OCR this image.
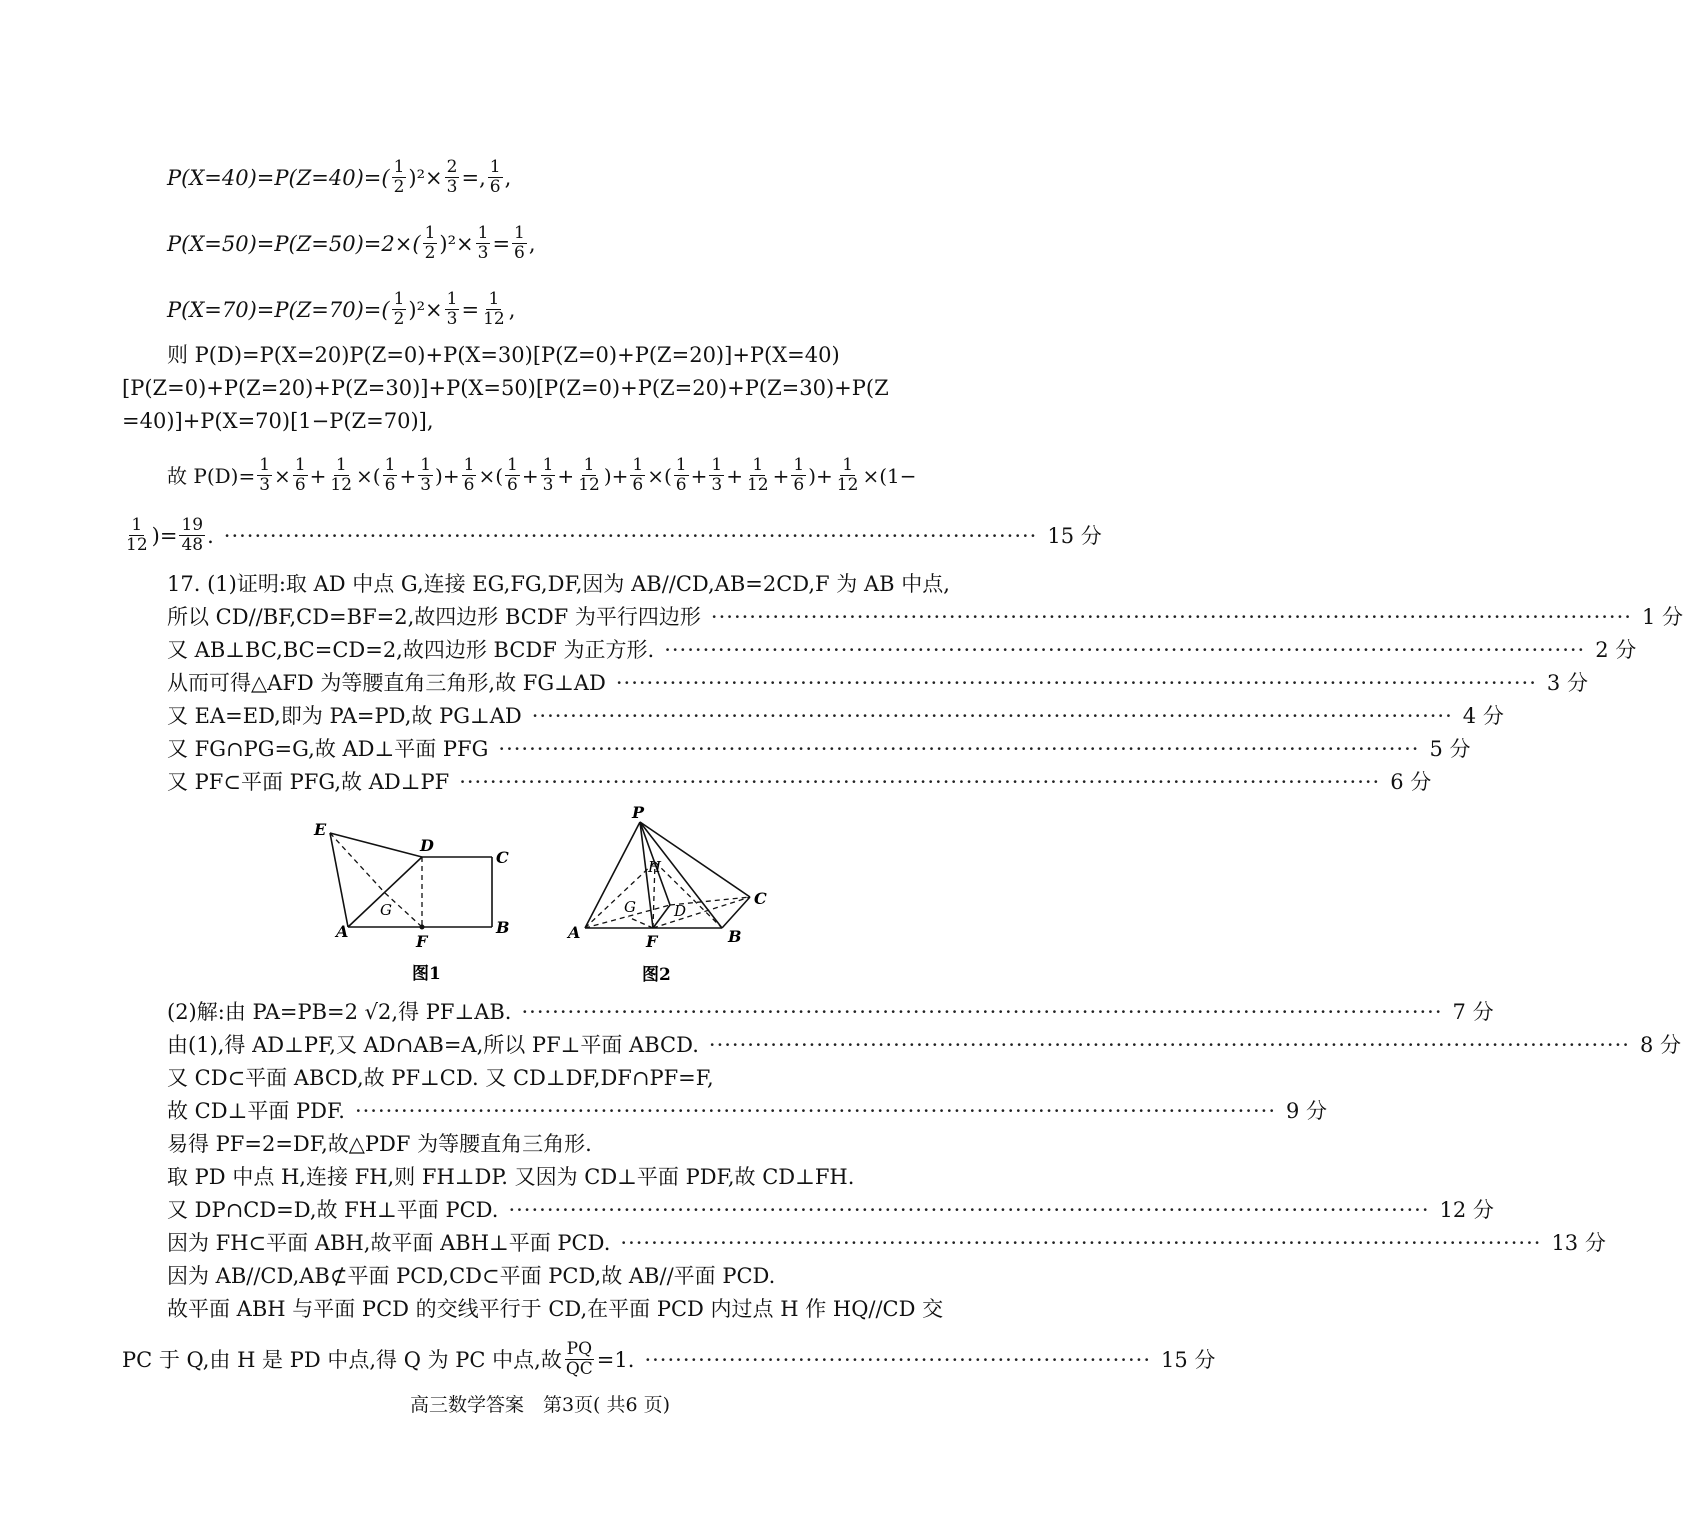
$P(X=40)=P(Z=40)=( \frac{1}{2} )^2\times \frac{2}{3}$ =, $\frac{1}{6}$ ,
$P(X=50)=P(Z=50)=2\times( \frac{1}{2} )^2\times \frac{1}{3} = \frac{1}{6}$ ,
$P(X=70)=P(Z=70)=( \frac{1}{2} )^2\times \frac{1}{3} = \frac{1}{12}$ ,
则 P(D)=P(X=20)P(Z=0)+P(X=30)[P(Z=0)+P(Z=20)]+P(X=40)
[P(Z=0)+P(Z=20)+P(Z=30)]+P(X=50)[P(Z=0)+P(Z=20)+P(Z=30)+P(Z
=40)]+P(X=70)[1−P(Z=70)],
故 $P(D)= \frac{1}{3} \times \frac{1}{6} + \frac{1}{12}$ ×( $\frac{1}{6} + \frac{1}{3}$ ) + $\frac{1}{6}$ ×( $\frac{1}{6} + \frac{1}{3} + \frac{1}{12}$ ) + $\frac{1}{6}$ ×( $\frac{1}{6} + \frac{1}{3} + \frac{1}{12} + \frac{1}{6}$ ) + $\frac{1}{12} \times(1-$
$\frac{1}{12}$ )= $\frac{19}{48}$ . ·········································································································· 15 分
17. (1)证明:取 AD 中点 G,连接 EG,FG,DF,因为 AB//CD,AB=2CD,F 为 AB 中点,
所以 CD//BF,CD=BF=2,故四边形 BCDF 为平行四边形 ························································································································ 1 分
又 AB⊥BC,BC=CD=2,故四边形 BCDF 为正方形. ························································································································ 2 分
从而可得△AFD 为等腰直角三角形,故 FG⊥AD ························································································································ 3 分
又 EA=ED,即为 PA=PD,故 PG⊥AD ························································································································ 4 分
又 FG∩PG=G,故 AD⊥平面 PFG ························································································································ 5 分
又 PF⊂平面 PFG,故 AD⊥PF ························································································································ 6 分
E
D
C
G
A
F
B
图1
P
H
G	D
C
A	F	B
图2
(2)解:由 PA=PB=2 √2,得 PF⊥AB. ························································································································ 7 分
由(1),得 AD⊥PF,又 AD∩AB=A,所以 PF⊥平面 ABCD. ························································································································ 8 分
又 CD⊂平面 ABCD,故 PF⊥CD. 又 CD⊥DF,DF∩PF=F,
故 CD⊥平面 PDF. ························································································································ 9 分
易得 PF=2=DF,故△PDF 为等腰直角三角形.
取 PD 中点 H,连接 FH,则 FH⊥DP. 又因为 CD⊥平面 PDF,故 CD⊥FH.
又 DP∩CD=D,故 FH⊥平面 PCD. ························································································································ 12 分
因为 FH⊂平面 ABH,故平面 ABH⊥平面 PCD. ························································································································ 13 分
因为 AB//CD,AB⊄平面 PCD,CD⊂平面 PCD,故 AB//平面 PCD.
故平面 ABH 与平面 PCD 的交线平行于 CD,在平面 PCD 内过点 H 作 HQ//CD 交
PC 于 Q,由 H 是 PD 中点,得 Q 为 PC 中点,故 $\frac{PQ}{QC} =1$. ·································································· 15 分
高三数学答案　第3页( 共6 页)
